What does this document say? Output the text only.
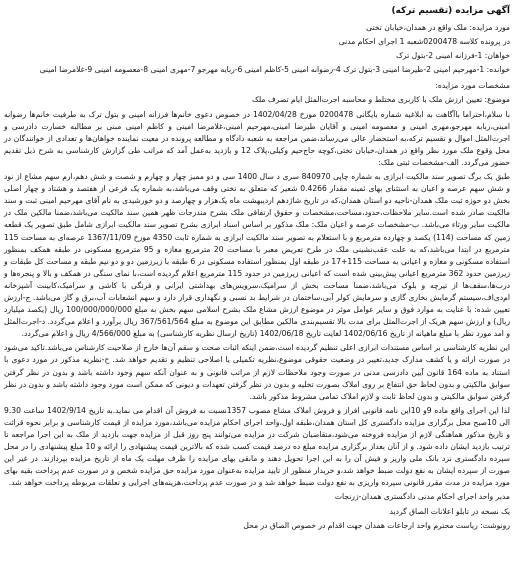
آگهی مزایده (تقسیم ترکه)
مورد مزایده: ملک واقع در همدان،خیابان تختی
در پرونده کلاسه 0200478شعبه 1 اجرای احکام مدنی
خواهان: 1-فرزانه امینی 2-بتول ترک
خوانده: 1-مهرحیم امینی 2-طیرضا امینی 3-بتول ترک 4-رضوانه امینی 5-کاظم امینی 6-ربابه مهرجو 7-مهری امینی 8-معصومه امینی 9-غلامرضا امینی
مشخصات مورد مزایده:
موضوع: تعیین ارزش ملک با کاربری مختلط و محاسبه اجرت‌المثل ایام تصرف ملک
با سلام،احتراما باآگاهت به ابلاغیه شماره بایگانی 0200478 مورخ 1402/04/28 در خصوص دعوی خانم‌ها فرزانه امینی و بتول ترک به طرفیت خانم‌ها رضوانه امینی،ربابه مهرجو،مهری امینی و معصومه امینی و آقایان طیرضا امینی،مهرحیم امینی،غلامرضا امینی و کاظم امینی مبنی بر مطالبه خسارت دادرسی و اجرت‌المثل اموال و تقسیم ترکه،به استحضار عالی می‌رساند،ضمن مراجعه به شعبه دادگاه و مطالعه پرونده در معیت نماینده خواهان‌ها و تعدادی از خوانندگان در محل وقوع ملک مورد نظر واقع در همدان،خیابان تختی،کوچه حاج‌حیم وکیلی،پلاک 12 و بازدید به‌عمل آمد که مراتب طی گزارش کارشناسی به شرح ذیل تقدیم حضور می‌گردد. الف-مشخصات ثبتی ملک:
طبق یک برگ تصویر سند مالکیت ابرازی به شماره چاپی 840970 سری د سال 1400 سی و دو ممیز چهار و چهارم و شصت و شش دهم،ارم سهم مشاع از نود و شش سهم عرصه و اعیان به استثنای بهای ثمینه مقدار 0.4266 شعیر که متعلق به تختی وقف می‌باشد،به شماره یک فرعی از هفتصد و هشتاد و چهار اصلی بخش دو حوزه ثبت ملک همدان-ناحیه دو استان همدان،که در تاریخ شاژدهم اردیبهشت ماه یک‌هزار و چهارصد و دو خورشیدی به نام آقای مهرحیم امینی ثبت و سند مالکیت صادر شده است.سایر ملاحظات،حدود،مساحت،مشخصات و حقوق ارتفاقی ملک بشرح مندرجات ظهر همین سند مالکیت می‌باشد،ضمنا مالکین ملک در مالکیت سایر ورثاء می‌باشد. ب-مشخصات عرصه و اعیان ملک: ملک مذکور بر اساس اسناد ابرازی بشرح تصویر سند مالکیت ابرازی شامل طبق تصویر یک قطعه زمین که مساحت (114) یکصد و چهارده مترمربع و با استعلام به تصویر سند مالکیت ابرازی به شماره ثابت 4350 مورخ 1367/11/09 عرصه‌ای به مساحت 115 مترمربع در ابتدا می‌باشد،که به علت عقب‌نشینی ملک در طرح تعریض معبر با مساحت 20 مترمربع مغازه و 95 مترمربع مسکونی در طبقه همکف بمنظور استفاده مسکونی و مغازه و اعیانی به مساحت 115+17 در طبقه اول بمنظور استفاده مسکونی در 6 طبقه با زیرزمین دو و دو نیم طبقه و مساحت کل طبقات و زیرزمین حدود 362 مترمربع اعیانی پیش‌بینی شده است که اعیانی زیرزمین در حدود 115 مترمربع اعلام گردیده است،با نمای سنگی در همکف و بالا و پنجره‌ها و درب‌ها،سقف‌ها از تیرچه و بلوک می‌باشد،ضمنا مساحت بخش از سرامیک،سرویس‌های بهداشتی ایرانی و فرنگی با کاشی و سرامیک،کابینت آشپزخانه ام‌دی‌اف،سیستم گرمایش بخاری گازی و سرمایش کولر آبی،ساختمان در شرایط بد نسبی و نگهداری قرار دارد و سهم انشعابات آب،برق و گاز می‌باشد. ج-ارزش تعیین شده: با عنایت به موارد فوق و سایر عوامل موثر در موضوع ارزش مشاع ملک بشرح اسلامی سهم بخش به مبلغ 100/000/000/000 ریال (یکصد میلیارد ریال) و ارزش سهم هریک از اجرت‌المثل برای مدت بالا تقسیم‌بندی مالکین مطابق این موضوع به مبلغ 367/561/564 ریال برآورد و اعلام می‌گردد. د-اجرت‌المثل و امد مورد نظر با مبلغ ماهیانه از تاریخ 1402/06/16 لغایت تاریخ 1402/06/18 (تاریخ ارسال نظریه کارشناسی) به مبلغ 4/566/000 ریال و اعلام می‌گردد.
این نظریه کارشناسی بر اساس مستندات ابرازی اعلی تنظیم گردیده است،ضمن اینکه اثبات صحت و سقم آن‌ها خارج از صلاحیت کارشناس می‌باشد.تاکید می‌شود در صورت ارائه و یا کشف مدارک جدید،تغییر در وضعیت حقوقی موضوع،نظریه تکمیلی یا اصلاحی تنظیم و تقدیم خواهد شد. ح-نظریه مذکور در مورد دعوی با استناد به ماده 164 قانون آیین دادرسی مدنی در صورت وجود ملاحظات لازم از مراتب قانونی و به عنوان آنکه سهم وجود داشته باشد و بدون در نظر گرفتن سوابق مالکیتی و بدون لحاظ حق انتفاع بر روی املاک بصورت تخلیه و بدون در نظر گرفتن تعهدات و دیونی که ممکن است مورد وجود داشته باشد و بدون در نظر گرفتن سوابق مالکیتی و بدون لحاظ ثابت و لازم املاک تمامی مشروط مذکور باشد.
لذا این اجرای واقع ماده 9و 10این نامه قانونی افراز و فروش املاک مشاع مصوب 1357نسبت به فروش آن اقدام می نماید.به تاریخ 1402/9/14 ساعت 9.30 الی 10صبح محل برگزاری مزایده دادگستری کل استان همدان،طبقه اول،واحد اجرای احکام مزایده می‌باشد،مورد مزایده از قیمت کارشناسی و برابر نحوه قرائت و تاریخ مذکور هماهنگی لازم از مزایده فروخته می‌شود،متقاضیان شرکت در مزایده می‌توانند پنج روز قبل از مزایده جهت بازدید از ملک به این اجرا مراجعه تا ترتیب بازدید ایشان داده شود. و از آنان بعداز برگزاری مزایده مبلغ ده درصد قیمت کسب شده که بالاترین قیمت پیشنهادی را ارائه و 10 مبلغ پیشنهادی را در محل سپرده دادگستری نزد بانک ملی واریز و فیش آن را به این اجرا تحویل دهند و مابقی بهای مزایده را ظرف مهلت یک ماه از تاریخ مزایده بپردازند. در غیر این صورت از سپرده ایشان به نفع دولت ضبط خواهد شد،و خریدار منظور از تایید مزایده به‌عنوان مورد مزایده حق مزایده شخص و در صورت عدم پرداخت بقیه بهای مورد مزایده در مدت مقرر قانونی سپرده واریزی به نفع دولت ضبط خواهد شد و در صورت عدم پرداخت،هزینه‌های اجرایی و تعلقات مربوطه پرداخت خواهد شد.
مدیر واحد اجرای احکام مدنی دادگستری همدان-زرنجات
یک نسخه در تابلو اعلانات الصاق گردید
رونوشت: ریاست محترم واحد ارجاعات همدان جهت اقدام در خصوص الصاق در محل
